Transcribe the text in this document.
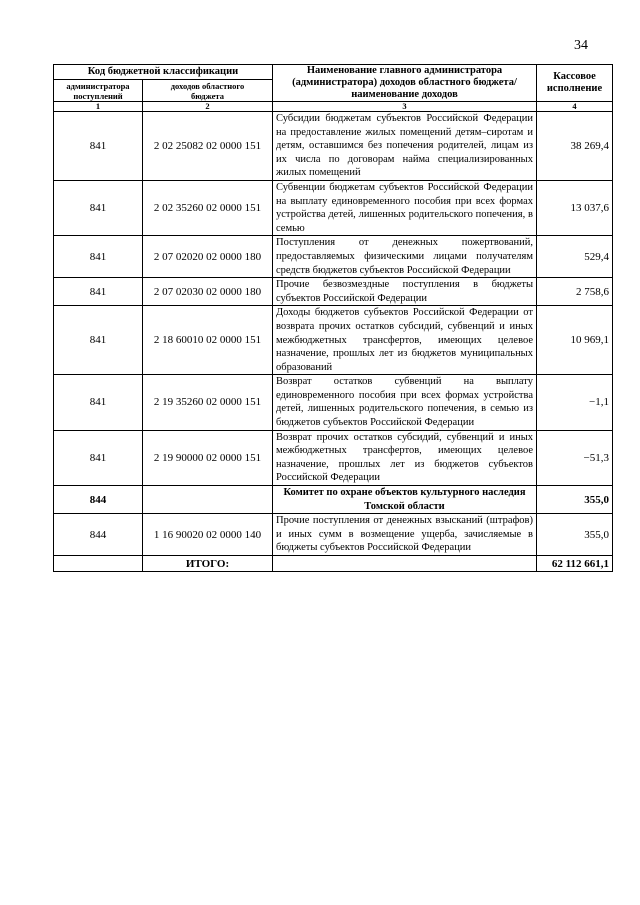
34
Код бюджетной классификации		Наименование главного администратора (администратора) доходов областного бюджета/ наименование доходов	Кассовое исполнение
администратора поступлений	доходов областного бюджета		
1	2	3	4
841	2 02 25082 02 0000 151	Субсидии бюджетам субъектов Российской Федерации на предоставление жилых помещений детям–сиротам и детям, оставшимся без попечения родителей, лицам из их числа по договорам найма специализированных жилых помещений	38 269,4
841	2 02 35260 02 0000 151	Субвенции бюджетам субъектов Российской Федерации на выплату единовременного пособия при всех формах устройства детей, лишенных родительского попечения, в семью	13 037,6
841	2 07 02020 02 0000 180	Поступления от денежных пожертвований, предоставляемых физическими лицами получателям средств бюджетов субъектов Российской Федерации	529,4
841	2 07 02030 02 0000 180	Прочие безвозмездные поступления в бюджеты субъектов Российской Федерации	2 758,6
841	2 18 60010 02 0000 151	Доходы бюджетов субъектов Российской Федерации от возврата прочих остатков субсидий, субвенций и иных межбюджетных трансфертов, имеющих целевое назначение, прошлых лет из бюджетов муниципальных образований	10 969,1
841	2 19 35260 02 0000 151	Возврат остатков субвенций на выплату единовременного пособия при всех формах устройства детей, лишенных родительского попечения, в семью из бюджетов субъектов Российской Федерации	−1,1
841	2 19 90000 02 0000 151	Возврат прочих остатков субсидий, субвенций и иных межбюджетных трансфертов, имеющих целевое назначение, прошлых лет из бюджетов субъектов Российской Федерации	−51,3
844		Комитет по охране объектов культурного наследия Томской области	355,0
844	1 16 90020 02 0000 140	Прочие поступления от денежных взысканий (штрафов) и иных сумм в возмещение ущерба, зачисляемые в бюджеты субъектов Российской Федерации	355,0
	ИТОГО:		62 112 661,1
